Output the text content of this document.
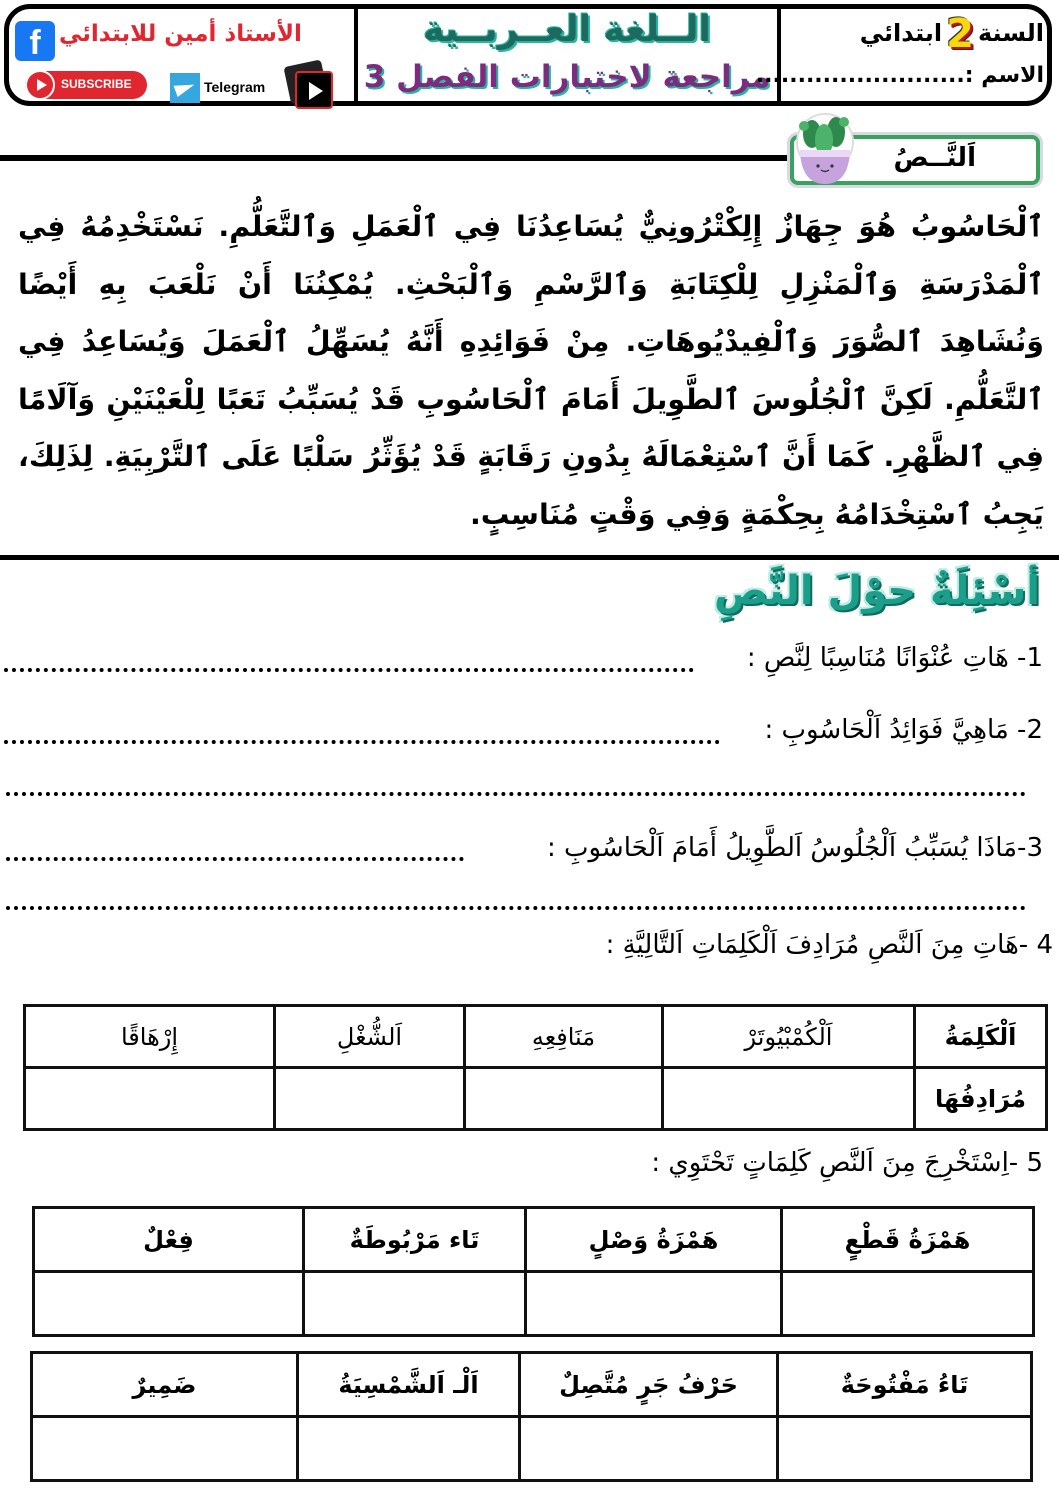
f الأستاذ أمين للابتدائي
SUBSCRIBE	Telegram
الــلغة العــربــية
مراجعة لاختبارات الفصل 3
السنة2ابتدائي
الاسم :.........................
اَلنَّــصُ
ٱلْحَاسُوبُ هُوَ جِهَازٌ إِلِكْتْرُونِيٌّ يُسَاعِدُنَا فِي ٱلْعَمَلِ وَٱلتَّعَلُّمِ. نَسْتَخْدِمُهُ فِي ٱلْمَدْرَسَةِ وَٱلْمَنْزِلِ لِلْكِتَابَةِ وَٱلرَّسْمِ وَٱلْبَحْثِ. يُمْكِنُنَا أَنْ نَلْعَبَ بِهِ أَيْضًا وَنُشَاهِدَ ٱلصُّوَرَ وَٱلْفِيدْيُوهَاتِ. مِنْ فَوَائِدِهِ أَنَّهُ يُسَهِّلُ ٱلْعَمَلَ وَيُسَاعِدُ فِي ٱلتَّعَلُّمِ. لَكِنَّ ٱلْجُلُوسَ ٱلطَّوِيلَ أَمَامَ ٱلْحَاسُوبِ قَدْ يُسَبِّبُ تَعَبًا لِلْعَيْنَيْنِ وَآلَامًا فِي ٱلظَّهْرِ. كَمَا أَنَّ ٱسْتِعْمَالَهُ بِدُونِ رَقَابَةٍ قَدْ يُؤَثِّرُ سَلْبًا عَلَى ٱلتَّرْبِيَةِ. لِذَلِكَ، يَجِبُ ٱسْتِخْدَامُهُ بِحِكْمَةٍ وَفِي وَقْتٍ مُنَاسِبٍ.
أسْئِلَةٌ حوْلَ النَّصِ
1- هَاتِ عُنْوَانًا مُنَاسِبًا لِنَّصِ :
2- مَاهِيَّ فَوَائِدُ اَلْحَاسُوبِ :
3-مَاذَا يُسَبِّبُ اَلْجُلُوسُ اَلطَّوِيلُ أَمَامَ اَلْحَاسُوبِ :
4 -هَاتِ مِنَ اَلنَّصِ مُرَادِفَ اَلْكَلِمَاتِ اَلتَّالِيَّةِ :
اَلْكَلِمَةُ	اَلْكُمْبْيُوتَرْ	مَنَافِعِهِ	اَلشُّغْلِ	إِرْهَاقًا
مُرَادِفُهَا				
5 -اِسْتَخْرِجَ مِنَ اَلنَّصِ كَلِمَاتٍ تَحْتَوِي :
هَمْزَةُ قَطْعٍ	هَمْزَةُ وَصْلٍ	تَاء مَرْبُوطَةٌ	فِعْلٌ

تَاءُ مَفْتُوحَةٌ	حَرْفُ جَرٍ مُتَّصِلٌ	اَلْـ اَلشَّمْسِيَةُ	ضَمِيرٌ
